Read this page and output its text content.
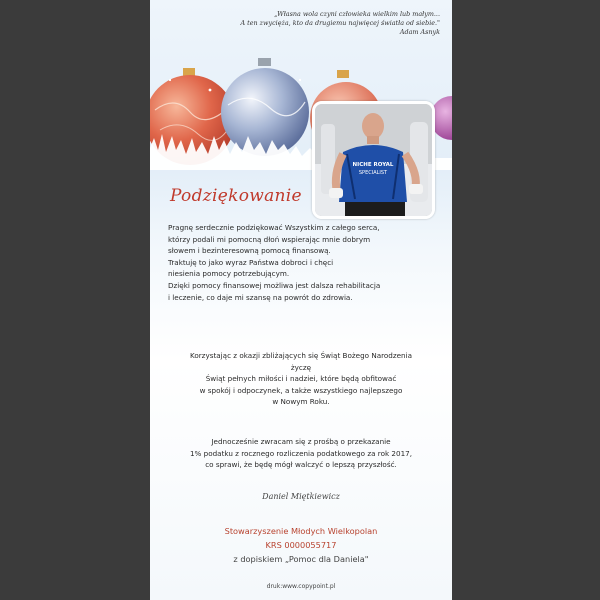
„Własna wola czyni człowieka wielkim lub małym...
A ten zwycięża, kto da drugiemu najwięcej światła od siebie."
Adam Asnyk
NICHE ROYAL
SPECIALIST
Podziękowanie
Pragnę serdecznie podziękować Wszystkim z całego serca,
którzy podali mi pomocną dłoń wspierając mnie dobrym
słowem i bezinteresowną pomocą finansową.
Traktuję to jako wyraz Państwa dobroci i chęci
niesienia pomocy potrzebującym.
Dzięki pomocy finansowej możliwa jest dalsza rehabilitacja
i leczenie, co daje mi szansę na powrót do zdrowia.
Korzystając z okazji zbliżających się Świąt Bożego Narodzenia
życzę
Świąt pełnych miłości i nadziei, które będą obfitować
w spokój i odpoczynek, a także wszystkiego najlepszego
w Nowym Roku.
Jednocześnie zwracam się z prośbą o przekazanie
1% podatku z rocznego rozliczenia podatkowego za rok 2017,
co sprawi, że będę mógł walczyć o lepszą przyszłość.
Daniel Miętkiewicz
Stowarzyszenie Młodych Wielkopolan
KRS 0000055717
z dopiskiem „Pomoc dla Daniela"
druk:www.copypoint.pl
